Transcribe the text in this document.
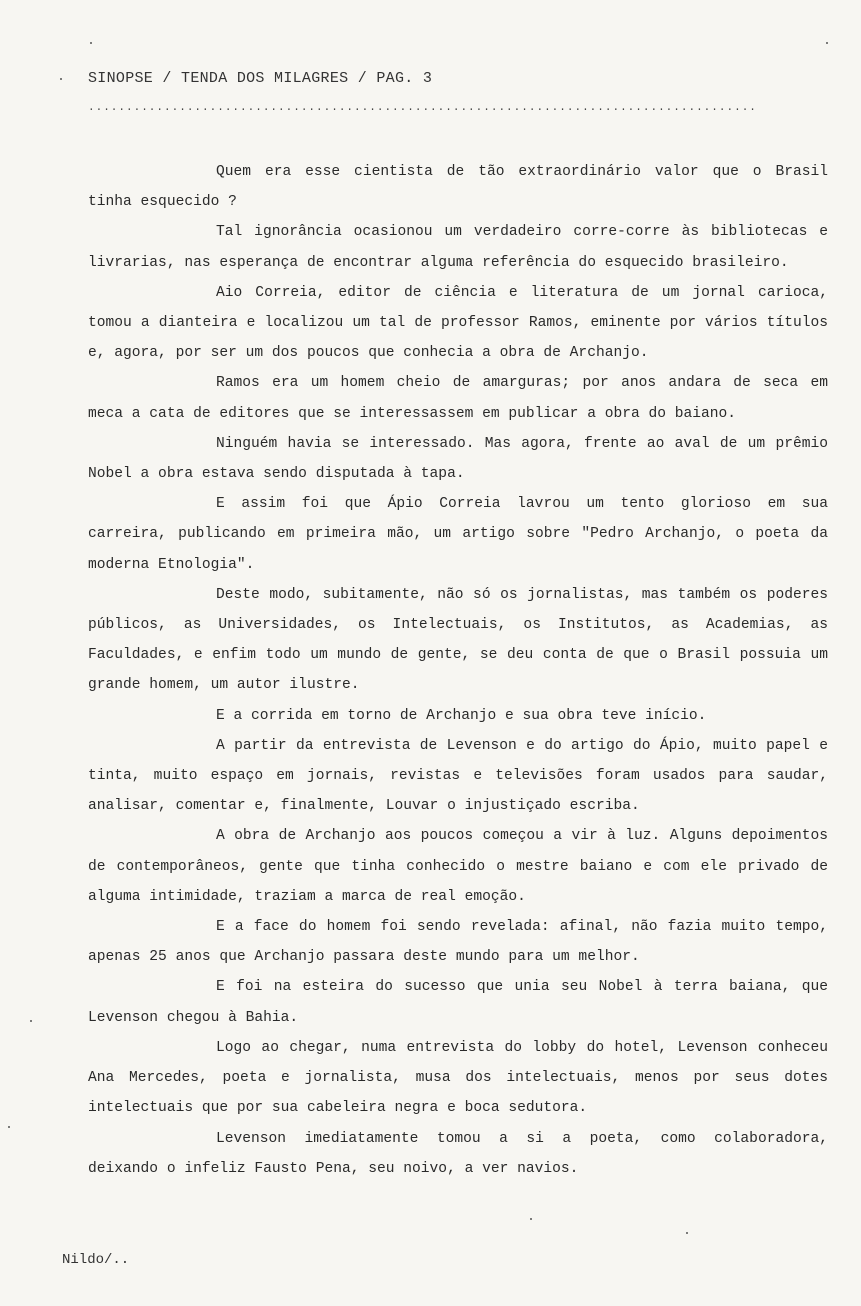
SINOPSE / TENDA DOS MILAGRES / PAG. 3
........................................................................................

Quem era esse cientista de tão extraordinário valor que o Brasil tinha esquecido ?

Tal ignorância ocasionou um verdadeiro corre-corre às bibliotecas e livrarias, nas esperança de encontrar alguma referência do esquecido brasileiro.

Aio Correia, editor de ciência e literatura de um jornal carioca, tomou a dianteira e localizou um tal de professor Ramos, eminente por vários títulos e, agora, por ser um dos poucos que conhecia a obra de Archanjo.

Ramos era um homem cheio de amarguras; por anos andara de seca em meca a cata de editores que se interessassem em publicar a obra do baiano.

Ninguém havia se interessado. Mas agora, frente ao aval de um prêmio Nobel a obra estava sendo disputada à tapa.

E assim foi que Ápio Correia lavrou um tento glorioso em sua carreira, publicando em primeira mão, um artigo sobre "Pedro Archanjo, o poeta da moderna Etnologia".

Deste modo, subitamente, não só os jornalistas, mas também os poderes públicos, as Universidades, os Intelectuais, os Institutos, as Academias, as Faculdades, e enfim todo um mundo de gente, se deu conta de que o Brasil possuia um grande homem, um autor ilustre.

E a corrida em torno de Archanjo e sua obra teve início.

A partir da entrevista de Levenson e do artigo do Ápio, muito papel e tinta, muito espaço em jornais, revistas e televisões foram usados para saudar, analisar, comentar e, finalmente, Louvar o injustiçado escriba.

A obra de Archanjo aos poucos começou a vir à luz. Alguns depoimentos de contemporâneos, gente que tinha conhecido o mestre baiano e com ele privado de alguma intimidade, traziam a marca de real emoção.

E a face do homem foi sendo revelada: afinal, não fazia muito tempo, apenas 25 anos que Archanjo passara deste mundo para um melhor.

E foi na esteira do sucesso que unia seu Nobel à terra baiana, que Levenson chegou à Bahia.

Logo ao chegar, numa entrevista do lobby do hotel, Levenson conheceu Ana Mercedes, poeta e jornalista, musa dos intelectuais, menos por seus dotes intelectuais que por sua cabeleira negra e boca sedutora.

Levenson imediatamente tomou a si a poeta, como colaboradora, deixando o infeliz Fausto Pena, seu noivo, a ver navios.

Nildo/..
